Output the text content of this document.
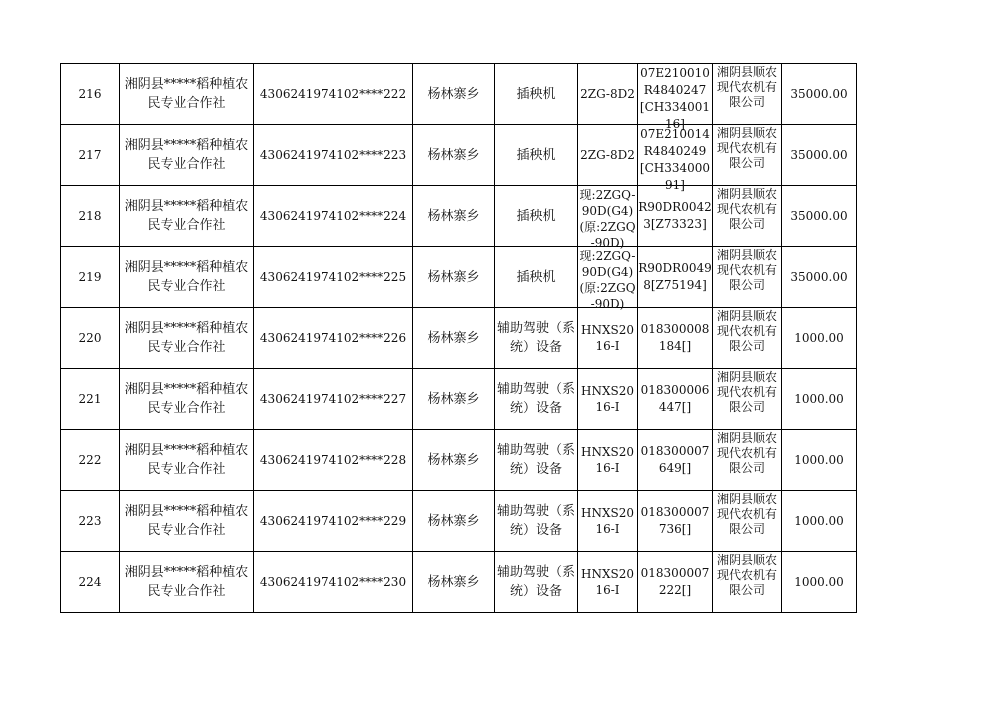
216	湘阴县*****稻种植农民专业合作社	4306241974102****222	杨林寨乡	插秧机	2ZG-8D2	07E210010R4840247[CH33400116]	湘阴县顺农现代农机有限公司	35000.00

217	湘阴县*****稻种植农民专业合作社	4306241974102****223	杨林寨乡	插秧机	2ZG-8D2	07E210014R4840249[CH33400091]	湘阴县顺农现代农机有限公司	35000.00

218	湘阴县*****稻种植农民专业合作社	4306241974102****224	杨林寨乡	插秧机	现:2ZGQ-90D(G4)(原:2ZGQ-90D)	R90DR00423[Z73323]	湘阴县顺农现代农机有限公司	35000.00

219	湘阴县*****稻种植农民专业合作社	4306241974102****225	杨林寨乡	插秧机	现:2ZGQ-90D(G4)(原:2ZGQ-90D)	R90DR00498[Z75194]	湘阴县顺农现代农机有限公司	35000.00

220	湘阴县*****稻种植农民专业合作社	4306241974102****226	杨林寨乡	辅助驾驶（系统）设备	HNXS2016-I	018300008184[]	湘阴县顺农现代农机有限公司	1000.00

221	湘阴县*****稻种植农民专业合作社	4306241974102****227	杨林寨乡	辅助驾驶（系统）设备	HNXS2016-I	018300006447[]	湘阴县顺农现代农机有限公司	1000.00

222	湘阴县*****稻种植农民专业合作社	4306241974102****228	杨林寨乡	辅助驾驶（系统）设备	HNXS2016-I	018300007649[]	湘阴县顺农现代农机有限公司	1000.00

223	湘阴县*****稻种植农民专业合作社	4306241974102****229	杨林寨乡	辅助驾驶（系统）设备	HNXS2016-I	018300007736[]	湘阴县顺农现代农机有限公司	1000.00

224	湘阴县*****稻种植农民专业合作社	4306241974102****230	杨林寨乡	辅助驾驶（系统）设备	HNXS2016-I	018300007222[]	湘阴县顺农现代农机有限公司	1000.00
